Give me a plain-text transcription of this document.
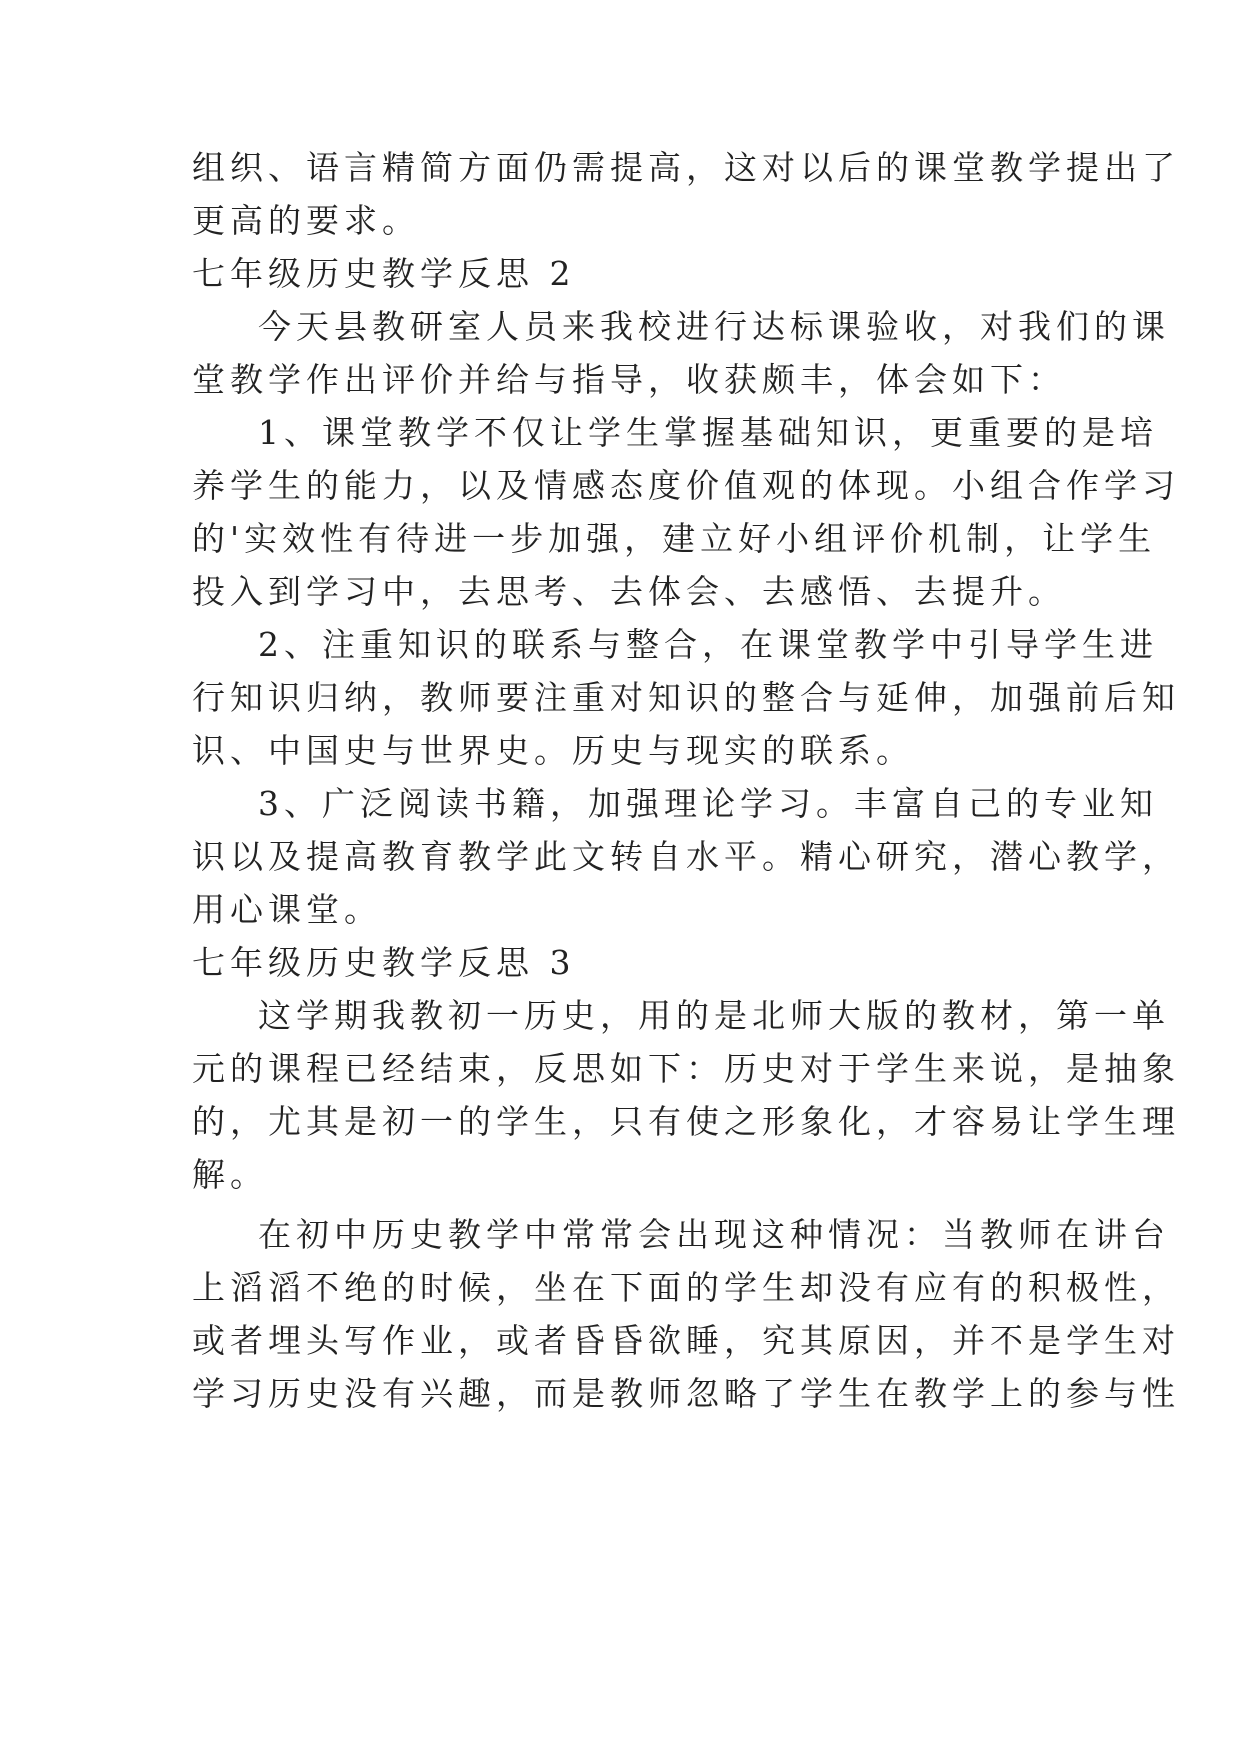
组织、语言精简方面仍需提高，这对以后的课堂教学提出了
更高的要求。
七年级历史教学反思 2
今天县教研室人员来我校进行达标课验收，对我们的课
堂教学作出评价并给与指导，收获颇丰，体会如下：
1、课堂教学不仅让学生掌握基础知识，更重要的是培
养学生的能力，以及情感态度价值观的体现。小组合作学习
的'实效性有待进一步加强，建立好小组评价机制，让学生
投入到学习中，去思考、去体会、去感悟、去提升。
2、注重知识的联系与整合，在课堂教学中引导学生进
行知识归纳，教师要注重对知识的整合与延伸，加强前后知
识、中国史与世界史。历史与现实的联系。
3、广泛阅读书籍，加强理论学习。丰富自己的专业知
识以及提高教育教学此文转自水平。精心研究，潜心教学，
用心课堂。
七年级历史教学反思 3
这学期我教初一历史，用的是北师大版的教材，第一单
元的课程已经结束，反思如下：历史对于学生来说，是抽象
的，尤其是初一的学生，只有使之形象化，才容易让学生理
解。
在初中历史教学中常常会出现这种情况：当教师在讲台
上滔滔不绝的时候，坐在下面的学生却没有应有的积极性，
或者埋头写作业，或者昏昏欲睡，究其原因，并不是学生对
学习历史没有兴趣，而是教师忽略了学生在教学上的参与性
